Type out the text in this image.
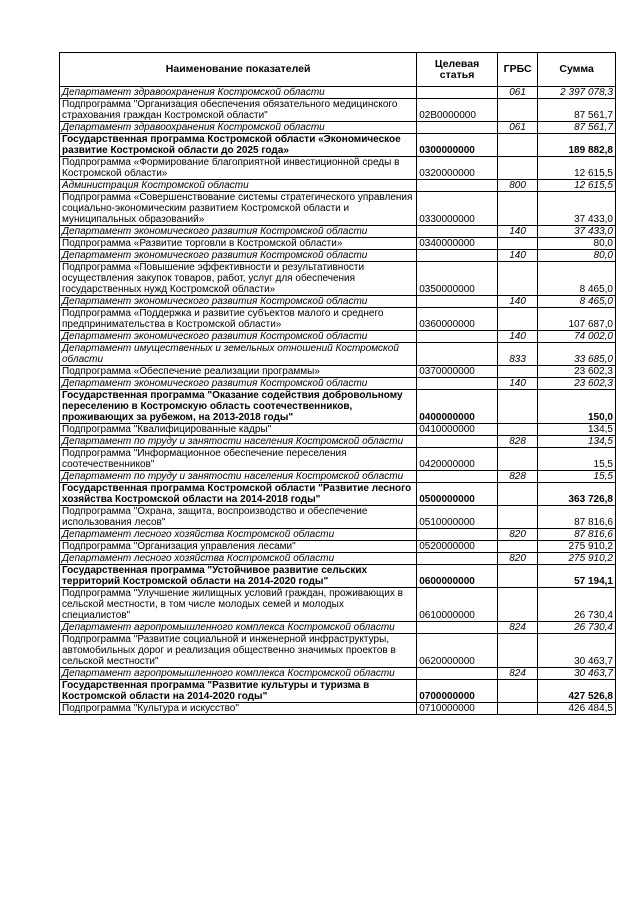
Наименование показателей	Целевая статья	ГРБС	Сумма
Департамент здравоохранения Костромской области		061	2 397 078,3
Подпрограмма "Организация обеспечения обязательного медицинского страхования граждан Костромской области"	02В0000000		87 561,7
Департамент здравоохранения Костромской области		061	87 561,7
Государственная программа Костромской области «Экономическое развитие Костромской области до 2025 года»	0300000000		189 882,8
Подпрограмма «Формирование благоприятной инвестиционной среды в Костромской области»	0320000000		12 615,5
Администрация Костромской области		800	12 615,5
Подпрограмма «Совершенствование системы стратегического управления социально-экономическим развитием Костромской области и муниципальных образований»	0330000000		37 433,0
Департамент экономического развития Костромской области		140	37 433,0
Подпрограмма «Развитие торговли в Костромской области»	0340000000		80,0
Департамент экономического развития Костромской области		140	80,0
Подпрограмма «Повышение эффективности и результативности осуществления закупок товаров, работ, услуг для обеспечения государственных нужд Костромской области»	0350000000		8 465,0
Департамент экономического развития Костромской области		140	8 465,0
Подпрограмма «Поддержка и развитие субъектов малого и среднего предпринимательства в Костромской области»	0360000000		107 687,0
Департамент экономического развития Костромской области		140	74 002,0
Департамент имущественных и земельных отношений Костромской области		833	33 685,0
Подпрограмма «Обеспечение реализации программы»	0370000000		23 602,3
Департамент экономического развития Костромской области		140	23 602,3
Государственная программа "Оказание содействия добровольному переселению в Костромскую область соотечественников, проживающих за рубежом, на 2013-2018 годы"	0400000000		150,0
Подпрограмма "Квалифицированные кадры"	0410000000		134,5
Департамент по труду и занятости населения Костромской области		828	134,5
Подпрограмма "Информационное обеспечение переселения соотечественников"	0420000000		15,5
Департамент по труду и занятости населения Костромской области		828	15,5
Государственная программа Костромской области "Развитие лесного хозяйства Костромской области на 2014-2018 годы"	0500000000		363 726,8
Подпрограмма "Охрана, защита, воспроизводство и обеспечение использования лесов"	0510000000		87 816,6
Департамент лесного хозяйства Костромской области		820	87 816,6
Подпрограмма "Организация управления лесами"	0520000000		275 910,2
Департамент лесного хозяйства Костромской области		820	275 910,2
Государственная программа "Устойчивое развитие сельских территорий Костромской области на 2014-2020 годы"	0600000000		57 194,1
Подпрограмма "Улучшение жилищных условий граждан, проживающих в сельской местности, в том числе молодых семей и молодых специалистов"	0610000000		26 730,4
Департамент агропромышленного комплекса Костромской области		824	26 730,4
Подпрограмма "Развитие социальной и инженерной инфраструктуры, автомобильных дорог и реализация общественно значимых проектов в сельской местности"	0620000000		30 463,7
Департамент агропромышленного комплекса Костромской области		824	30 463,7
Государственная программа "Развитие культуры и туризма в Костромской области на 2014-2020 годы"	0700000000		427 526,8
Подпрограмма "Культура и искусство"	0710000000		426 484,5
